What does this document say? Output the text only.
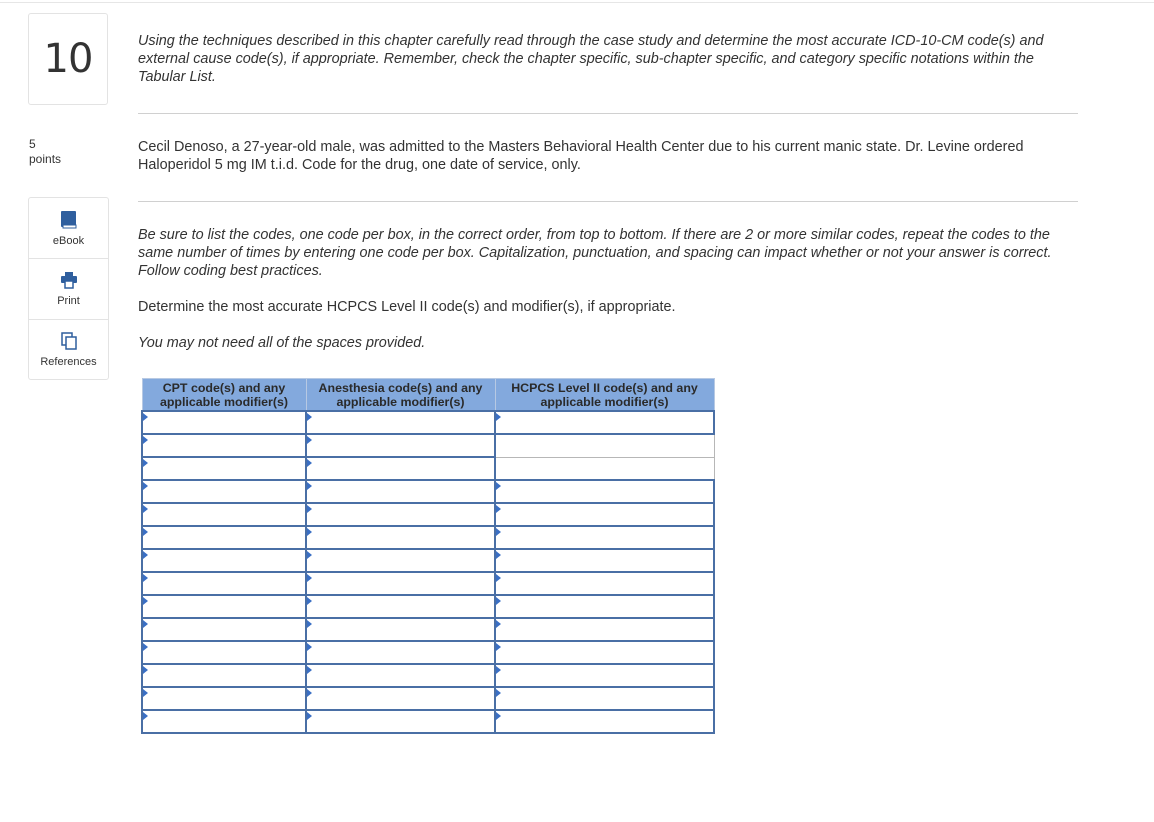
10
5
points
eBook
Print
References
Using the techniques described in this chapter carefully read through the case study and determine the most accurate ICD-10-CM code(s) and external cause code(s), if appropriate. Remember, check the chapter specific, sub-chapter specific, and category specific notations within the Tabular List.
Cecil Denoso, a 27-year-old male, was admitted to the Masters Behavioral Health Center due to his current manic state. Dr. Levine ordered Haloperidol 5 mg IM t.i.d. Code for the drug, one date of service, only.
Be sure to list the codes, one code per box, in the correct order, from top to bottom. If there are 2 or more similar codes, repeat the codes to the same number of times by entering one code per box. Capitalization, punctuation, and spacing can impact whether or not your answer is correct. Follow coding best practices.
Determine the most accurate HCPCS Level II code(s) and modifier(s), if appropriate.
You may not need all of the spaces provided.
CPT code(s) and any applicable modifier(s)	Anesthesia code(s) and any applicable modifier(s)	HCPCS Level II code(s) and any applicable modifier(s)
